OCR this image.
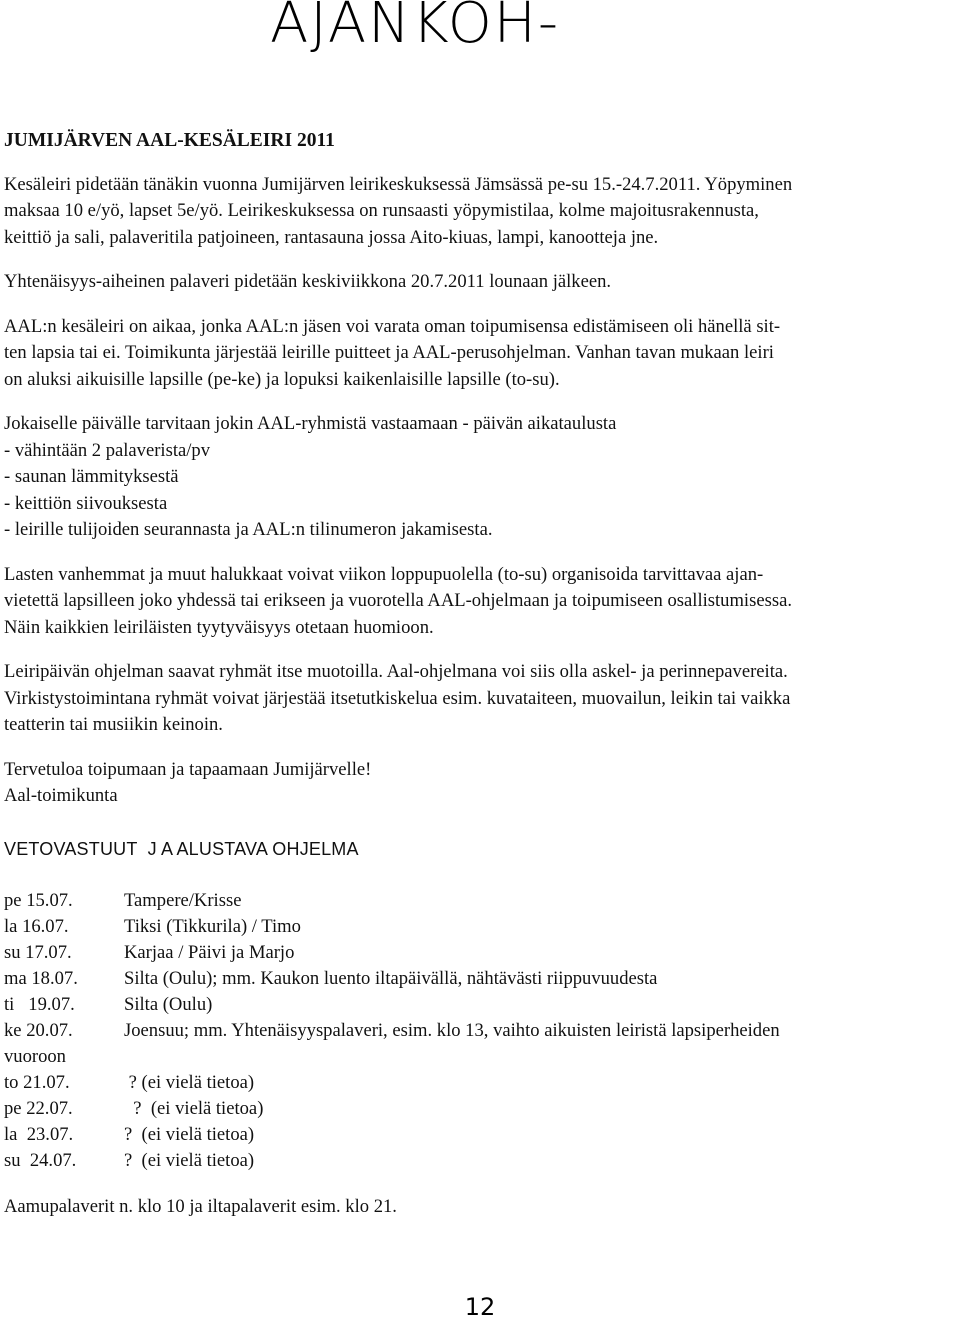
AJANKOH-
JUMIJÄRVEN AAL-KESÄLEIRI 2011

Kesäleiri pidetään tänäkin vuonna Jumijärven leirikeskuksessä Jämsässä pe-su 15.-24.7.2011. Yöpyminen
maksaa 10 e/yö, lapset 5e/yö. Leirikeskuksessa on runsaasti yöpymistilaa, kolme majoitusrakennusta,
keittiö ja sali, palaveritila patjoineen, rantasauna jossa Aito-kiuas, lampi, kanootteja jne.

Yhtenäisyys-aiheinen palaveri pidetään keskiviikkona 20.7.2011 lounaan jälkeen.

AAL:n kesäleiri on aikaa, jonka AAL:n jäsen voi varata oman toipumisensa edistämiseen oli hänellä sit-
ten lapsia tai ei. Toimikunta järjestää leirille puitteet ja AAL-perusohjelman. Vanhan tavan mukaan leiri
on aluksi aikuisille lapsille (pe-ke) ja lopuksi kaikenlaisille lapsille (to-su).

Jokaiselle päivälle tarvitaan jokin AAL-ryhmistä vastaamaan - päivän aikataulusta
- vähintään 2 palaverista/pv
- saunan lämmityksestä
- keittiön siivouksesta
- leirille tulijoiden seurannasta ja AAL:n tilinumeron jakamisesta.

Lasten vanhemmat ja muut halukkaat voivat viikon loppupuolella (to-su) organisoida tarvittavaa ajan-
vietettä lapsilleen joko yhdessä tai erikseen ja vuorotella AAL-ohjelmaan ja toipumiseen osallistumisessa.
Näin kaikkien leiriläisten tyytyväisyys otetaan huomioon.

Leiripäivän ohjelman saavat ryhmät itse muotoilla. Aal-ohjelmana voi siis olla askel- ja perinnepavereita.
Virkistystoimintana ryhmät voivat järjestää itsetutkiskelua esim. kuvataiteen, muovailun, leikin tai vaikka
teatterin tai musiikin keinoin.

Tervetuloa toipumaan ja tapaamaan Jumijärvelle!
Aal-toimikunta

VETOVASTUUT  J A ALUSTAVA OHJELMA
pe 15.07.	Tampere/Krisse
la 16.07.	Tiksi (Tikkurila) / Timo
su 17.07.	Karjaa / Päivi ja Marjo
ma 18.07.	Silta (Oulu); mm. Kaukon luento iltapäivällä, nähtävästi riippuvuudesta
ti   19.07.	Silta (Oulu)
ke 20.07.	Joensuu; mm. Yhtenäisyyspalaveri, esim. klo 13, vaihto aikuisten leiristä lapsiperheiden
vuoroon	
to 21.07.	? (ei vielä tietoa)
pe 22.07.	?  (ei vielä tietoa)
la  23.07.	?  (ei vielä tietoa)
su  24.07.	?  (ei vielä tietoa)

Aamupalaverit n. klo 10 ja iltapalaverit esim. klo 21.

12
